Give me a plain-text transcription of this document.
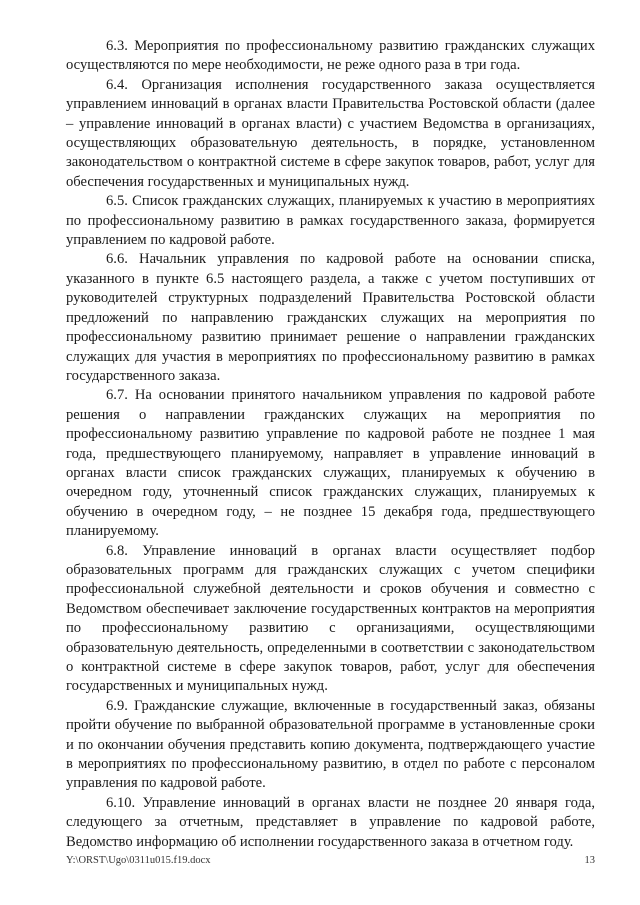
6.3. Мероприятия по профессиональному развитию гражданских служащих осуществляются по мере необходимости, не реже одного раза в три года.

6.4. Организация исполнения государственного заказа осуществляется управлением инноваций в органах власти Правительства Ростовской области (далее – управление инноваций в органах власти) с участием Ведомства в организациях, осуществляющих образовательную деятельность, в порядке, установленном законодательством о контрактной системе в сфере закупок товаров, работ, услуг для обеспечения государственных и муниципальных нужд.

6.5. Список гражданских служащих, планируемых к участию в мероприятиях по профессиональному развитию в рамках государственного заказа, формируется управлением по кадровой работе.

6.6. Начальник управления по кадровой работе на основании списка, указанного в пункте 6.5 настоящего раздела, а также с учетом поступивших от руководителей структурных подразделений Правительства Ростовской области предложений по направлению гражданских служащих на мероприятия по профессиональному развитию принимает решение о направлении гражданских служащих для участия в мероприятиях по профессиональному развитию в рамках государственного заказа.

6.7. На основании принятого начальником управления по кадровой работе решения о направлении гражданских служащих на мероприятия по профессиональному развитию управление по кадровой работе не позднее 1 мая года, предшествующего планируемому, направляет в управление инноваций в органах власти список гражданских служащих, планируемых к обучению в очередном году, уточненный список гражданских служащих, планируемых к обучению в очередном году, – не позднее 15 декабря года, предшествующего планируемому.

6.8. Управление инноваций в органах власти осуществляет подбор образовательных программ для гражданских служащих с учетом специфики профессиональной служебной деятельности и сроков обучения и совместно с Ведомством обеспечивает заключение государственных контрактов на мероприятия по профессиональному развитию с организациями, осуществляющими образовательную деятельность, определенными в соответствии с законодательством о контрактной системе в сфере закупок товаров, работ, услуг для обеспечения государственных и муниципальных нужд.

6.9. Гражданские служащие, включенные в государственный заказ, обязаны пройти обучение по выбранной образовательной программе в установленные сроки и по окончании обучения представить копию документа, подтверждающего участие в мероприятиях по профессиональному развитию, в отдел по работе с персоналом управления по кадровой работе.

6.10. Управление инноваций в органах власти не позднее 20 января года, следующего за отчетным, представляет в управление по кадровой работе, Ведомство информацию об исполнении государственного заказа в отчетном году.

Y:\ORST\Ugo\0311u015.f19.docx	13
